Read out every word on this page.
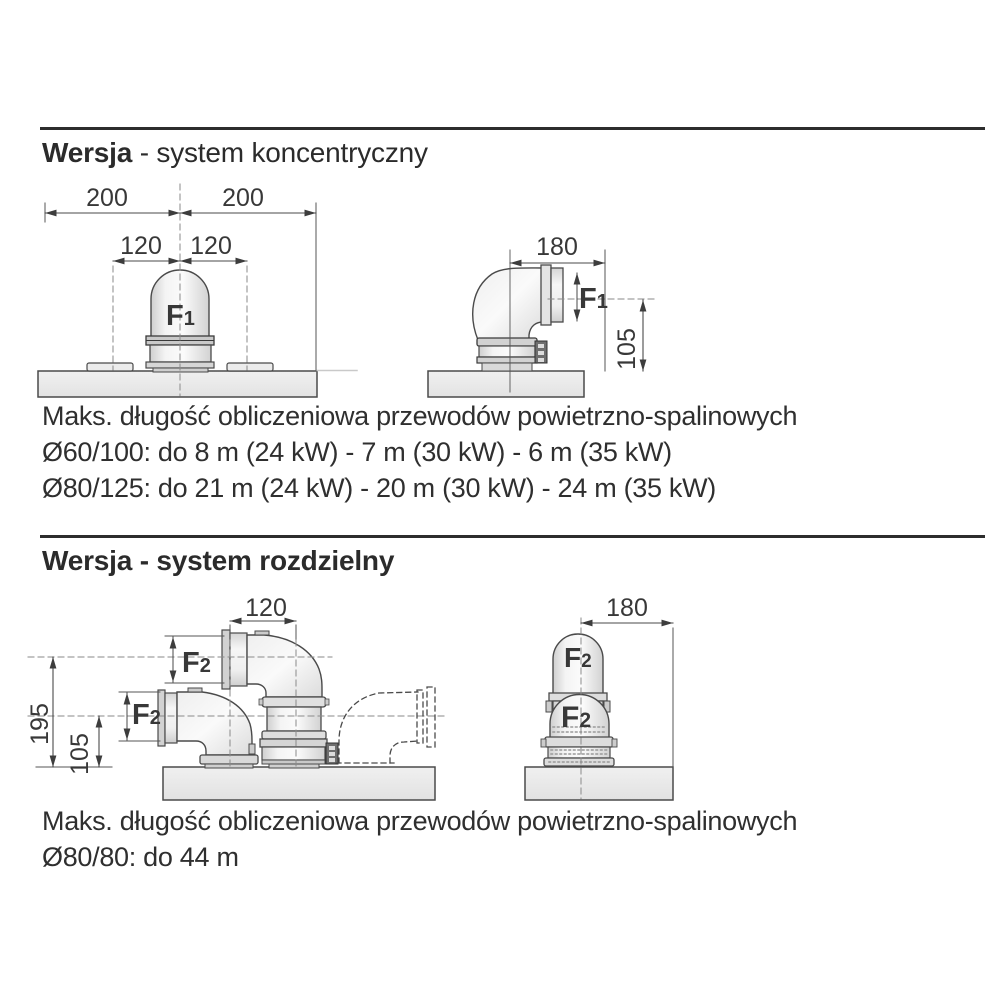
Wersja - system koncentryczny
200	200
120 120
F1
180
105
F1
Maks. długość obliczeniowa przewodów powietrzno-spalinowych
Ø60/100: do 8 m (24 kW) - 7 m (30 kW) - 6 m (35 kW)
Ø80/125: do 21 m (24 kW) - 20 m (30 kW) - 24 m (35 kW)
Wersja - system rozdzielny
120
195
105
F2
F2
180
F2
F2
Maks. długość obliczeniowa przewodów powietrzno-spalinowych
Ø80/80: do 44 m
